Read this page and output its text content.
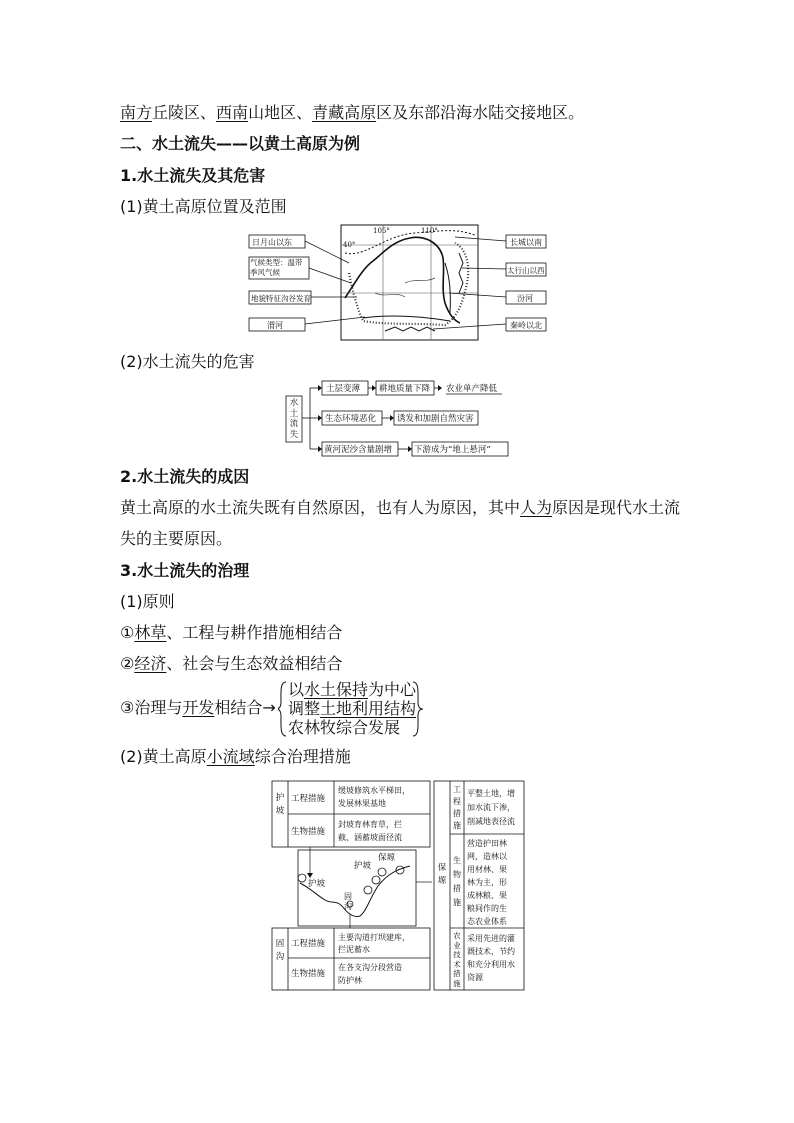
南方丘陵区、西南山地区、青藏高原区及东部沿海水陆交接地区。
二、水土流失——以黄土高原为例
1.水土流失及其危害
(1)黄土高原位置及范围
105°	110°
40°
日月山以东
气候类型：温带季风气候
地貌特征沟谷发育
渭河
长城以南
太行山以西
汾河
秦岭以北
(2)水土流失的危害
水土流失
土层变薄 耕地质量下降 农业单产降低
生态环境恶化 诱发和加剧自然灾害
黄河泥沙含量剧增	下游成为“地上悬河”
2.水土流失的成因
黄土高原的水土流失既有自然原因，也有人为原因，其中人为原因是现代水土流
失的主要原因。
3.水土流失的治理
(1)原则
①林草、工程与耕作措施相结合
②经济、社会与生态效益相结合
③治理与开发相结合→
以水土保持为中心
调整土地利用结构
农林牧综合发展
(2)黄土高原小流域综合治理措施
护坡
工程措施
缓坡修筑水平梯田，
发展林果基地
生物措施
封坡育林育草，拦
截、涵蓄坡面径流
保塬
护坡
护坡
固沟
固沟
工程措施
主要沟道打坝建库，
拦泥蓄水
生物措施
在各支沟分段营造
防护林
保塬
工程措施
平整土地，增
加水流下渗，
削减地表径流
生物措施
营造护田林
网，造林以
用材林、果
林为主，形
成林粮、果
粮间作的生
态农业体系
农业技术措施
采用先进的灌
溉技术，节约
和充分利用水
资源
